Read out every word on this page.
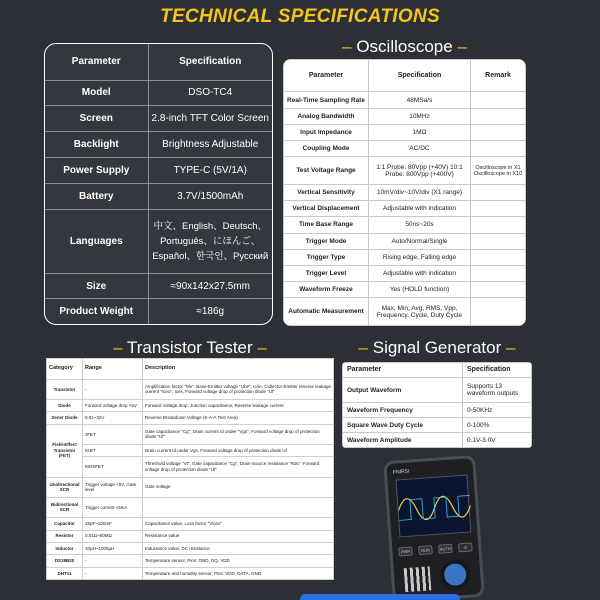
TECHNICAL SPECIFICATIONS
Parameter	Specification
Model	DSO-TC4
Screen	2.8-inch TFT Color Screen
Backlight	Brightness Adjustable
Power Supply	TYPE-C (5V/1A)
Battery	3.7V/1500mAh
Languages	中文、English、Deutsch、Português、にほんご、Español、한국인、Русский
Size	≈90x142x27.5mm
Product Weight	≈186g
– Oscilloscope –
Parameter	Specification	Remark
Real-Time Sampling Rate	48MSa/s	
Analog Bandwidth	10MHz	
Input Impedance	1MΩ	
Coupling Mode	AC/DC	
Test Voltage Range	1:1 Probe: 80Vpp (+40V) 10:1 Probe: 800Vpp (+400V)	Oscilloscope in X1 Oscilloscope in X10
Vertical Sensitivity	10mV/div~10V/div (X1 range)	
Vertical Displacement	Adjustable with indication	
Time Base Range	50ns~20s	
Trigger Mode	Auto/Normal/Single	
Trigger Type	Rising edge, Falling edge	
Trigger Level	Adjustable with indication	
Waveform Freeze	Yes (HOLD function)	
Automatic Measurement	Max, Min, Avg, RMS, Vpp, Frequency, Cycle, Duty Cycle	
– Transistor Tester –
Category	Range	Description
Transistor	-	Amplification factor "hfe", Base-Emitter voltage "Ube", Ic/Ie, Collector-Emitter reverse leakage current "Iceo", Ices, Forward voltage drop of protection diode "Uf"
Diode	Forward voltage drop <5V	Forward voltage drop, Junction capacitance, Reverse leakage current
Zener Diode	0.01~32V	Reverse Breakdown Voltage (K-A-A Test Area)
Field-Effect Transistor (FET)	JFET	Gate capacitance "Cg", Drain current Id under "Vgs", Forward voltage drop of protection diode "Uf"
	IGBT	Drain current Id under Vgs, Forward voltage drop of protection diode Uf
	MOSFET	Threshold voltage "Vt", Gate capacitance "Cg", Drain-Source resistance "Rds", Forward voltage drop of protection diode "Uf"
Unidirectional SCR	Trigger voltage <5V, Gate level	Gate voltage
Bidirectional SCR	Trigger current <6mA	
Capacitor	25pF~100mF	Capacitance value, Loss factor "Vloss"
Resistor	0.01Ω~50MΩ	Resistance value
Inductor	10μH~1000μH	Inductance value, DC resistance
DS18B20	-	Temperature sensor, Pins: GND, DQ, VDD
DHT11	-	Temperature and humidity sensor, Pins: VDD, DATA, GND
– Signal Generator –
Parameter	Specification
Output Waveform	Supports 13 waveform outputs
Waveform Frequency	0-50KHz
Square Wave Duty Cycle	0-100%
Waveform Amplitude	0.1V-3.0V
FNIRSI
PWR	RUN	AUTO	⏻
